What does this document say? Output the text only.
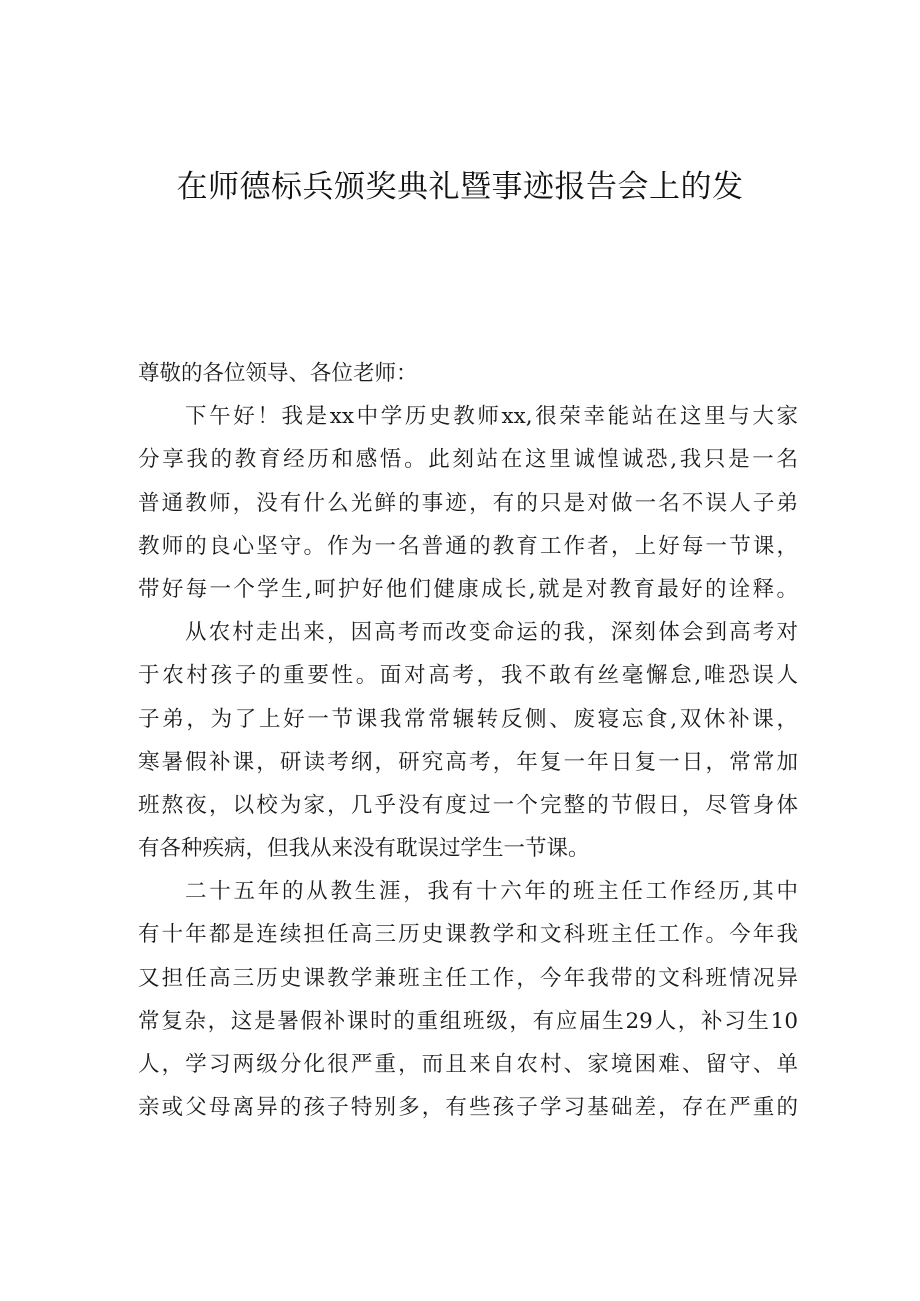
在师德标兵颁奖典礼暨事迹报告会上的发
尊敬的各位领导、各位老师：
下午好！我是xx中学历史教师xx,很荣幸能站在这里与大家
分享我的教育经历和感悟。此刻站在这里诚惶诚恐,我只是一名
普通教师，没有什么光鲜的事迹，有的只是对做一名不误人子弟
教师的良心坚守。作为一名普通的教育工作者，上好每一节课，
带好每一个学生,呵护好他们健康成长,就是对教育最好的诠释。
从农村走出来，因高考而改变命运的我，深刻体会到高考对
于农村孩子的重要性。面对高考，我不敢有丝毫懈怠,唯恐误人
子弟，为了上好一节课我常常辗转反侧、废寝忘食,双休补课，
寒暑假补课，研读考纲，研究高考，年复一年日复一日，常常加
班熬夜，以校为家，几乎没有度过一个完整的节假日，尽管身体
有各种疾病，但我从来没有耽误过学生一节课。
二十五年的从教生涯，我有十六年的班主任工作经历,其中
有十年都是连续担任高三历史课教学和文科班主任工作。今年我
又担任高三历史课教学兼班主任工作，今年我带的文科班情况异
常复杂，这是暑假补课时的重组班级，有应届生29人，补习生10
人，学习两级分化很严重，而且来自农村、家境困难、留守、单
亲或父母离异的孩子特别多，有些孩子学习基础差，存在严重的
